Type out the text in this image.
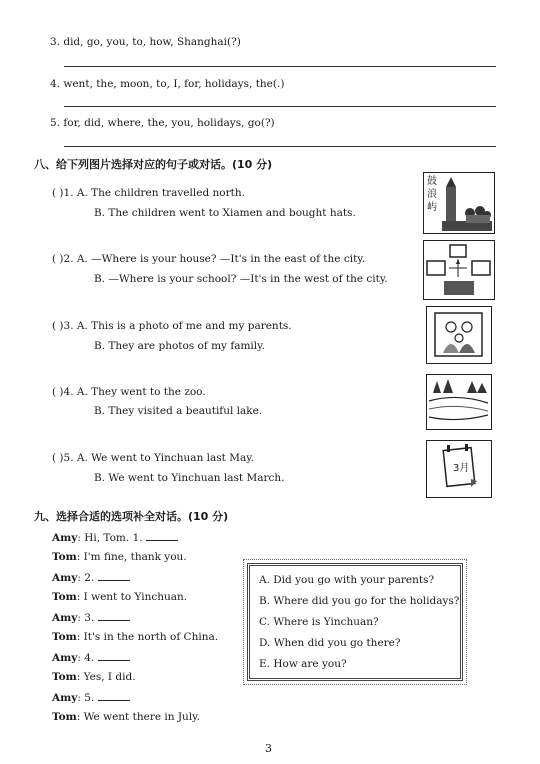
3. did, go, you, to, how, Shanghai(?)
4. went, the, moon, to, I, for, holidays, the(.)
5. for, did, where, the, you, holidays, go(?)
八、给下列图片选择对应的句子或对话。(10 分)
( )1. A. The children travelled north.
B. The children went to Xiamen and bought hats.
( )2. A. —Where is your house? —It's in the east of the city.
B. —Where is your school? —It's in the west of the city.
( )3. A. This is a photo of me and my parents.
B. They are photos of my family.
( )4. A. They went to the zoo.
B. They visited a beautiful lake.
( )5. A. We went to Yinchuan last May.
B. We went to Yinchuan last March.
鼓
浪
屿
3月
九、选择合适的选项补全对话。(10 分)
Amy: Hi, Tom. 1.
Tom: I'm fine, thank you.
Amy: 2.
Tom: I went to Yinchuan.
Amy: 3.
Tom: It's in the north of China.
Amy: 4.
Tom: Yes, I did.
Amy: 5.
Tom: We went there in July.
A. Did you go with your parents?
B. Where did you go for the holidays?
C. Where is Yinchuan?
D. When did you go there?
E. How are you?
3
